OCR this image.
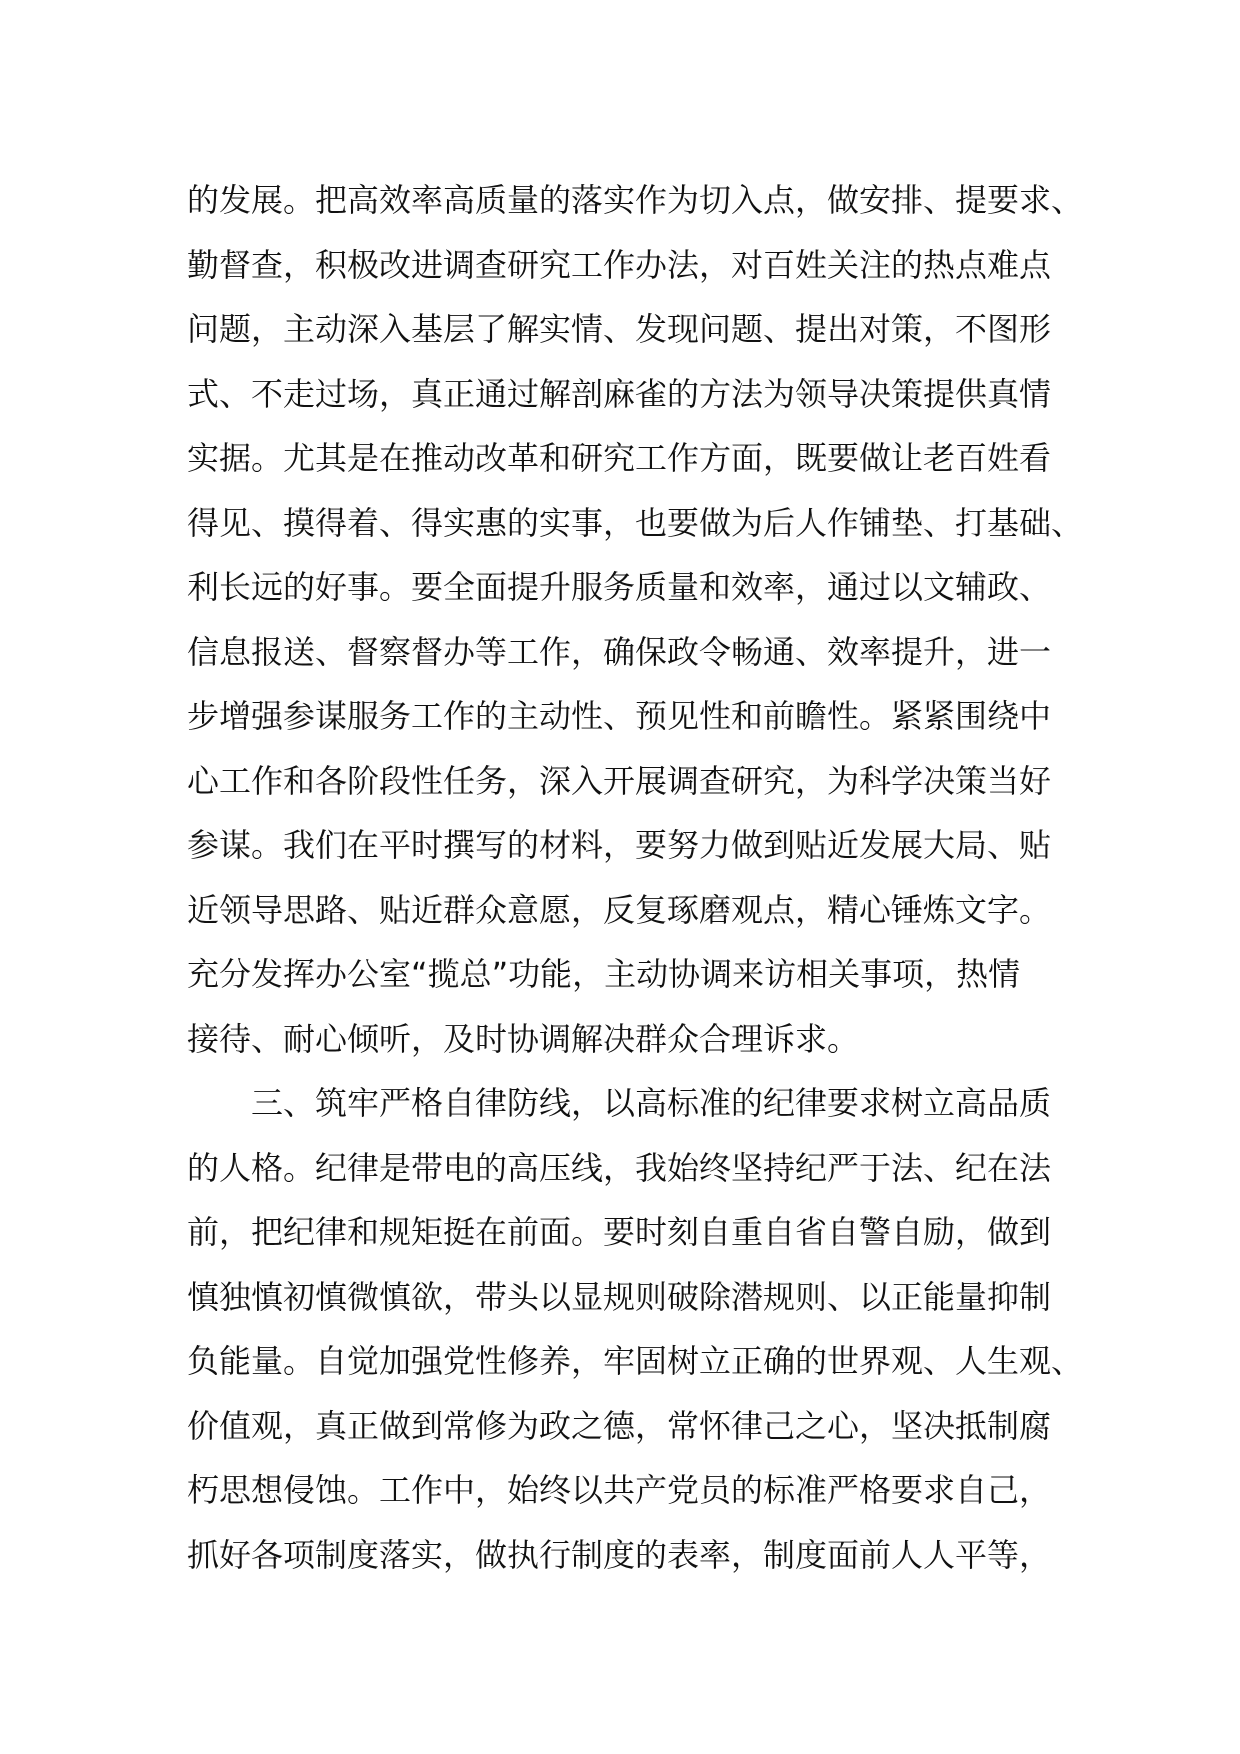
的发展。把高效率高质量的落实作为切入点，做安排、提要求、
勤督查，积极改进调查研究工作办法，对百姓关注的热点难点
问题，主动深入基层了解实情、发现问题、提出对策，不图形
式、不走过场，真正通过解剖麻雀的方法为领导决策提供真情
实据。尤其是在推动改革和研究工作方面，既要做让老百姓看
得见、摸得着、得实惠的实事，也要做为后人作铺垫、打基础、
利长远的好事。要全面提升服务质量和效率，通过以文辅政、
信息报送、督察督办等工作，确保政令畅通、效率提升，进一
步增强参谋服务工作的主动性、预见性和前瞻性。紧紧围绕中
心工作和各阶段性任务，深入开展调查研究，为科学决策当好
参谋。我们在平时撰写的材料，要努力做到贴近发展大局、贴
近领导思路、贴近群众意愿，反复琢磨观点，精心锤炼文字。
充分发挥办公室“揽总”功能，主动协调来访相关事项，热情
接待、耐心倾听，及时协调解决群众合理诉求。
三、筑牢严格自律防线，以高标准的纪律要求树立高品质
的人格。纪律是带电的高压线，我始终坚持纪严于法、纪在法
前，把纪律和规矩挺在前面。要时刻自重自省自警自励，做到
慎独慎初慎微慎欲，带头以显规则破除潜规则、以正能量抑制
负能量。自觉加强党性修养，牢固树立正确的世界观、人生观、
价值观，真正做到常修为政之德，常怀律己之心，坚决抵制腐
朽思想侵蚀。工作中，始终以共产党员的标准严格要求自己，
抓好各项制度落实，做执行制度的表率，制度面前人人平等，
